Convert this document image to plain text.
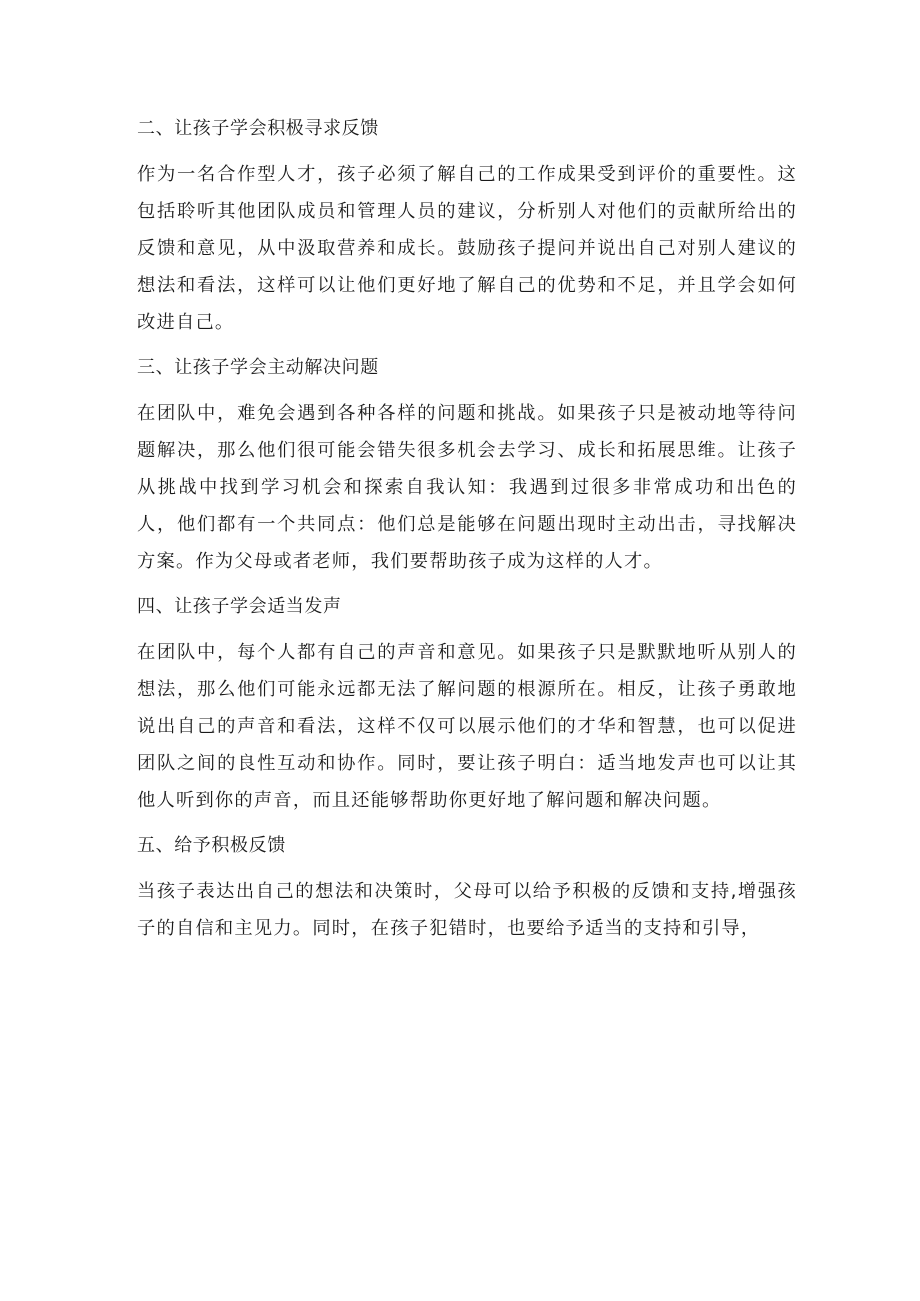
二、让孩子学会积极寻求反馈

作为一名合作型人才，孩子必须了解自己的工作成果受到评价的重要性。这包括聆听其他团队成员和管理人员的建议，分析别人对他们的贡献所给出的反馈和意见，从中汲取营养和成长。鼓励孩子提问并说出自己对别人建议的想法和看法，这样可以让他们更好地了解自己的优势和不足，并且学会如何改进自己。

三、让孩子学会主动解决问题

在团队中，难免会遇到各种各样的问题和挑战。如果孩子只是被动地等待问题解决，那么他们很可能会错失很多机会去学习、成长和拓展思维。让孩子从挑战中找到学习机会和探索自我认知：我遇到过很多非常成功和出色的人，他们都有一个共同点：他们总是能够在问题出现时主动出击，寻找解决方案。作为父母或者老师，我们要帮助孩子成为这样的人才。

四、让孩子学会适当发声

在团队中，每个人都有自己的声音和意见。如果孩子只是默默地听从别人的想法，那么他们可能永远都无法了解问题的根源所在。相反，让孩子勇敢地说出自己的声音和看法，这样不仅可以展示他们的才华和智慧，也可以促进团队之间的良性互动和协作。同时，要让孩子明白：适当地发声也可以让其他人听到你的声音，而且还能够帮助你更好地了解问题和解决问题。

五、给予积极反馈

当孩子表达出自己的想法和决策时，父母可以给予积极的反馈和支持,增强孩子的自信和主见力。同时，在孩子犯错时，也要给予适当的支持和引导，
